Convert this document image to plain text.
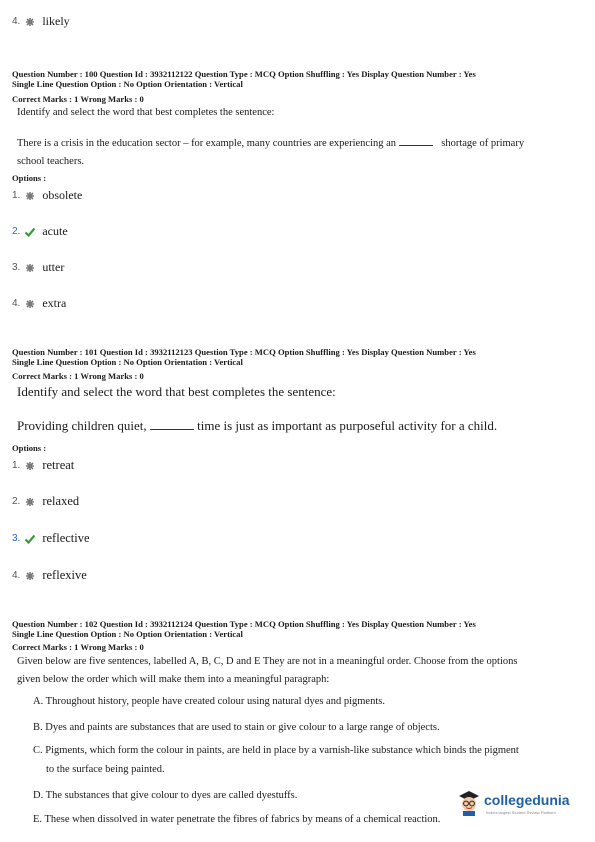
4. likely
Question Number : 100 Question Id : 3932112122 Question Type : MCQ Option Shuffling : Yes Display Question Number : Yes
Single Line Question Option : No Option Orientation : Vertical
Correct Marks : 1 Wrong Marks : 0
Identify and select the word that best completes the sentence:
There is a crisis in the education sector – for example, many countries are experiencing an	shortage of primary
school teachers.
Options :
1. obsolete
2. acute
3. utter
4. extra
Question Number : 101 Question Id : 3932112123 Question Type : MCQ Option Shuffling : Yes Display Question Number : Yes
Single Line Question Option : No Option Orientation : Vertical
Correct Marks : 1 Wrong Marks : 0
Identify and select the word that best completes the sentence:
Providing children quiet,	time is just as important as purposeful activity for a child.
Options :
1. retreat
2. relaxed
3. reflective
4. reflexive
Question Number : 102 Question Id : 3932112124 Question Type : MCQ Option Shuffling : Yes Display Question Number : Yes
Single Line Question Option : No Option Orientation : Vertical
Correct Marks : 1 Wrong Marks : 0
Given below are five sentences, labelled A, B, C, D and E They are not in a meaningful order. Choose from the options
given below the order which will make them into a meaningful paragraph:
A. Throughout history, people have created colour using natural dyes and pigments.
B. Dyes and paints are substances that are used to stain or give colour to a large range of objects.
C. Pigments, which form the colour in paints, are held in place by a varnish-like substance which binds the pigment
to the surface being painted.
D. The substances that give colour to dyes are called dyestuffs.
E. These when dissolved in water penetrate the fibres of fabrics by means of a chemical reaction.
collegedunia
India's largest Student Review Platform
